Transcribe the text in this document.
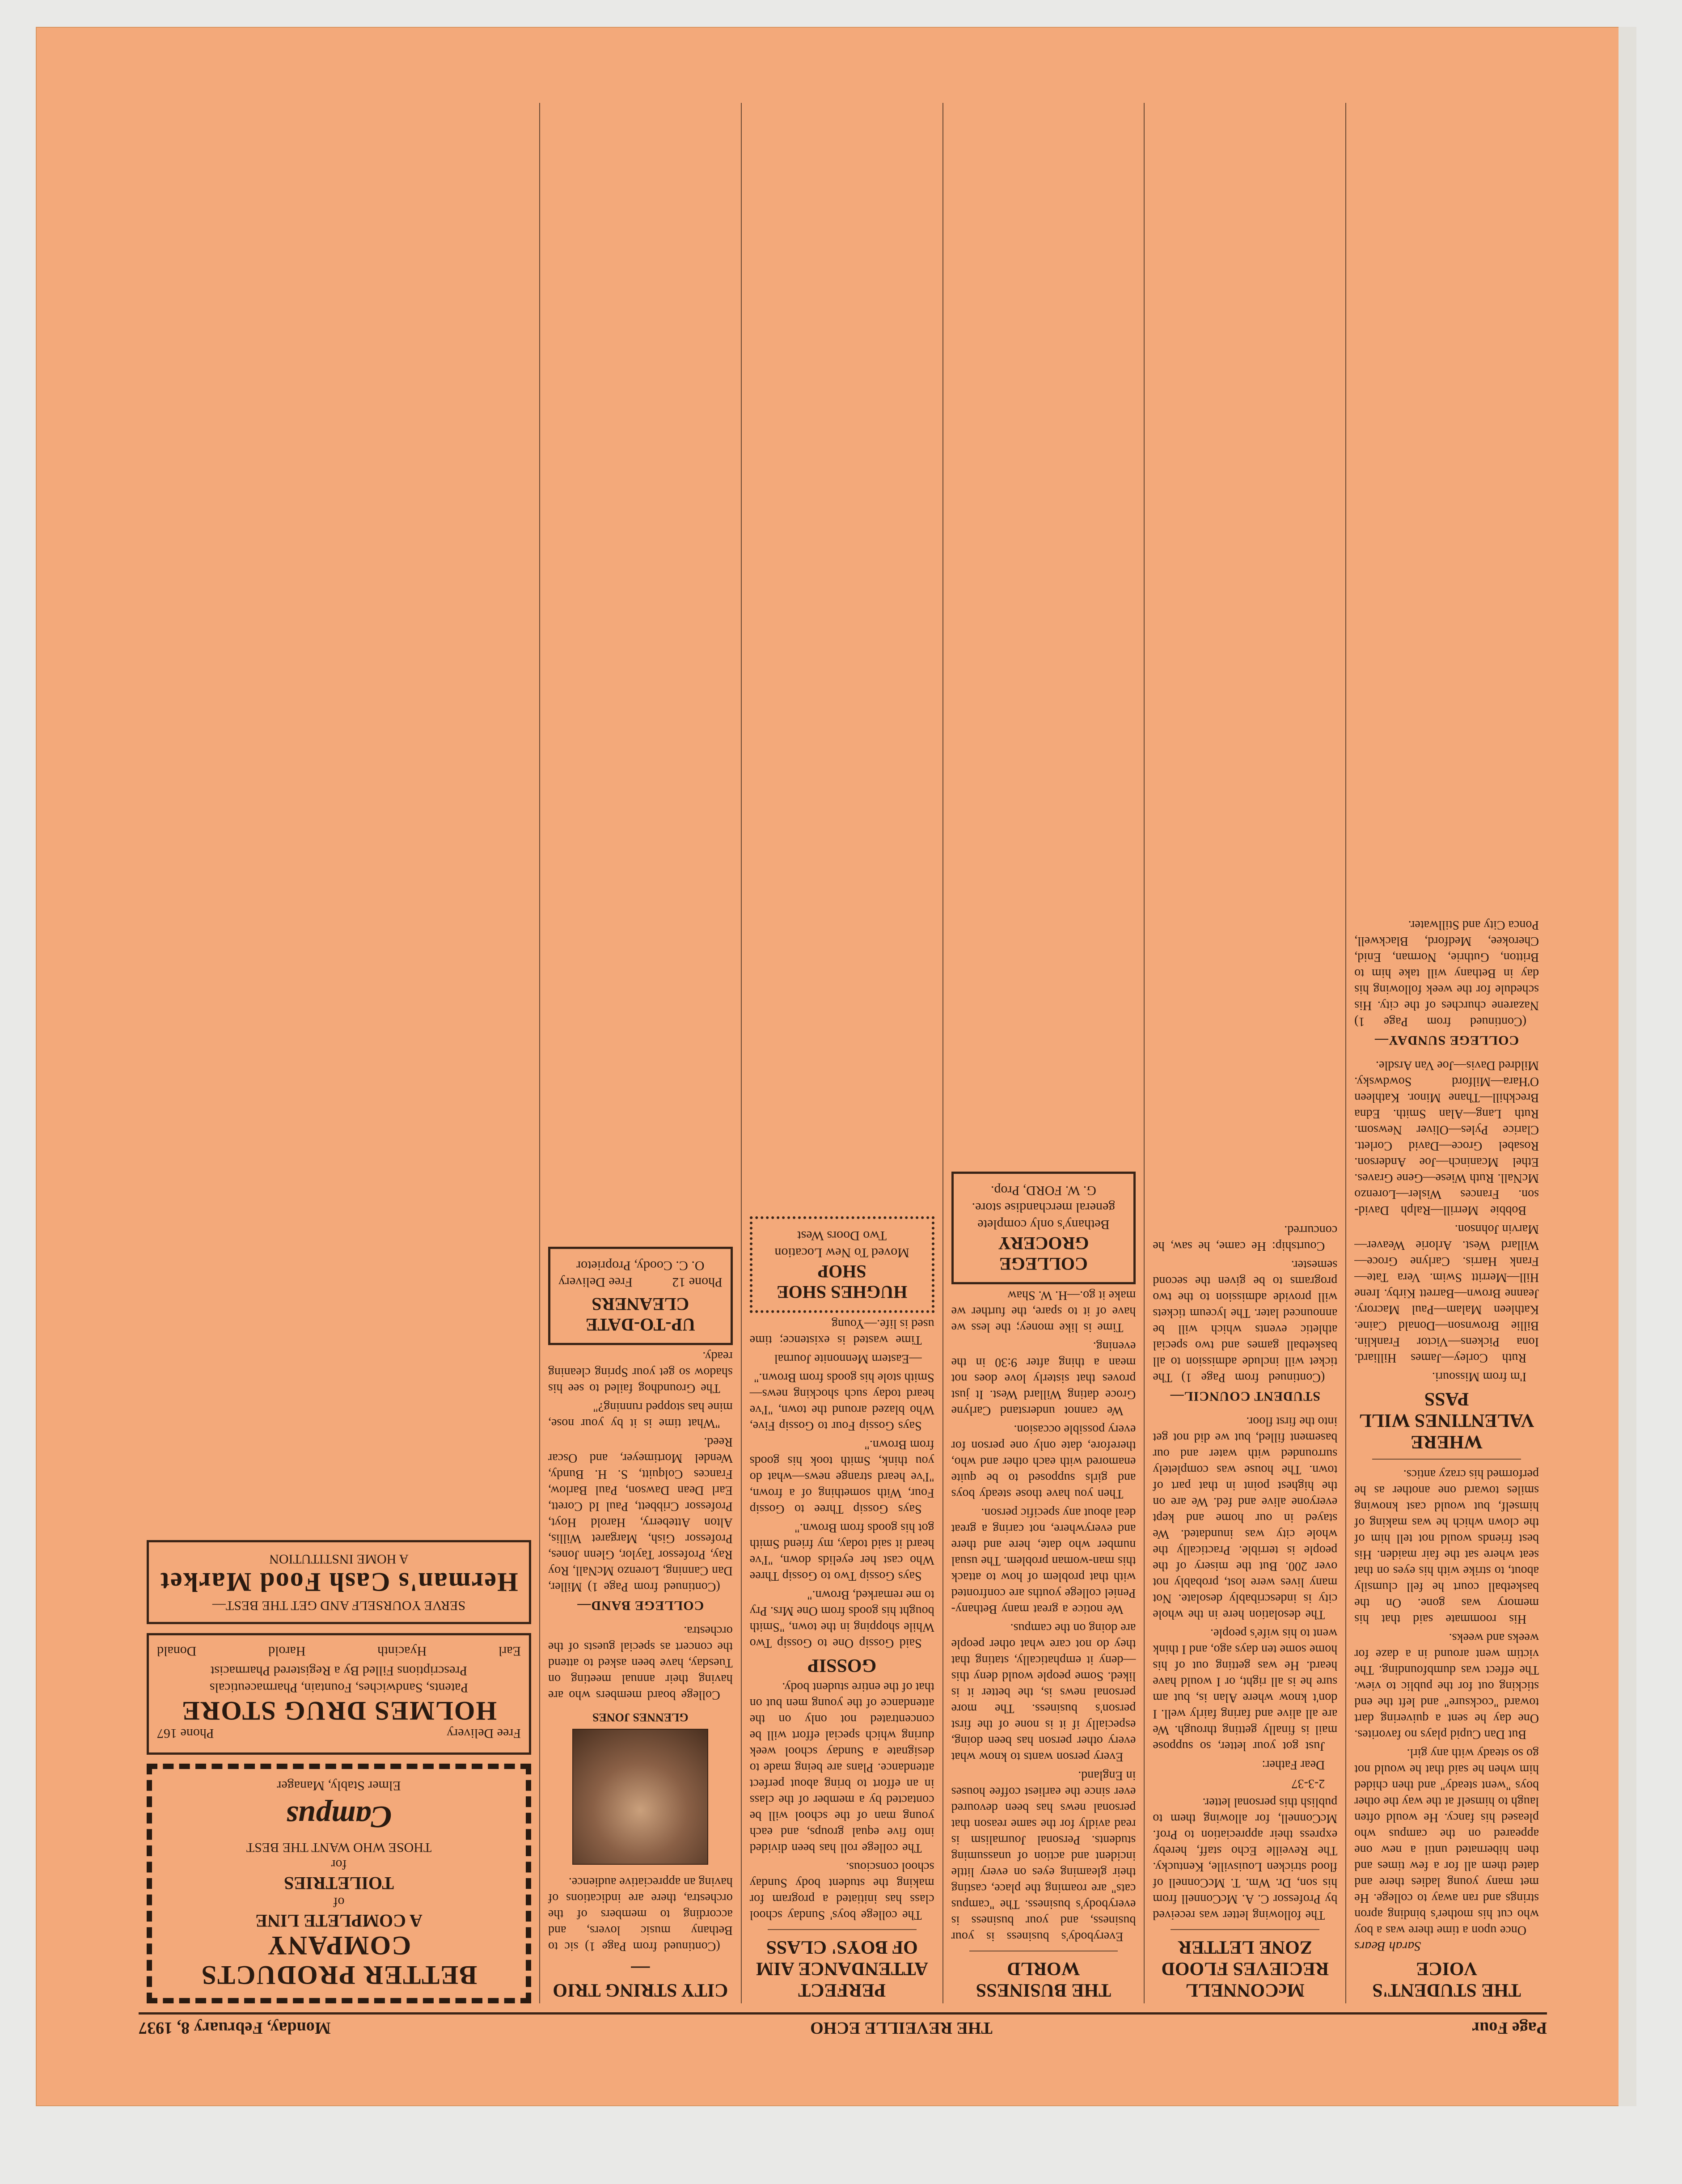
Page Four
THE REVEILLE ECHO
Monday, February 8, 1937
THE STUDENT'S VOICE
Sarah Bears

Once upon a time there was a boy who cut his mother's binding apron strings and ran away to college. He met many young ladies there and dated them all for a few times and then hibernated until a new one appeared on the campus who pleased his fancy. He would often laugh to himself at the way the other boys "went steady" and then chided him when he said that he would not go so steady with any girl.

But Dan Cupid plays no favorites. One day he sent a quivering dart toward "cocksure" and left the end sticking out for the public to view. The effect was dumbfounding. The victim went around in a daze for weeks and weeks.

His roommate said that his memory was gone. On the basketball court he fell clumsily about, to strike with his eyes on that seat where sat the fair maiden. His best friends would not tell him of the clown which he was making of himself, but would cast knowing smiles toward one another as he performed his crazy antics.

WHERE VALENTINES WILL PASS

I'm from Missouri.

Ruth Corley—James Hilliard. Iona Pickens—Victor Franklin. Billie Brownson—Donald Caine. Kathleen Malam—Paul Macrory. Jeanne Brown—Barrett Kirby. Irene Hill—Merritt Swim. Vera Tate—Frank Harris. Carlyne Groce—Willard West. Arlorie Weaver—Marvin Johnson.

Bobbie Merrill—Ralph David-son. Frances Wisler—Lorenzo McNall. Ruth Wiese—Gene Graves. Ethel Mcaninch—Joe Anderson. Rosabel Groce—David Corlett. Clarice Pyles—Oliver Newsom. Ruth Lang—Alan Smith. Edna Breckhill—Thane Minor. Kathleen O'Hara—Milford Sowdwsky. Mildred Davis—Joe Van Arsdle.

COLLEGE SUNDAY—

(Continued from Page 1) Nazarene churches of the city. His schedule for the week following his day in Bethany will take him to Britton, Guthrie, Norman, Enid, Cherokee, Medford, Blackwell, Ponca City and Stillwater.

McCONNELL RECIEVES FLOOD ZONE LETTER

The following letter was received by Professor C. A. McConnell from his son, Dr. Wm. T. McConnell of flood stricken Louisville, Kentucky. The Reveille Echo staff, hereby express their appreciation to Prof. McConnell, for allowing them to publish this personal letter.

2-3-37

Dear Father:

Just got your letter, so suppose mail is finally getting through. We are all alive and faring fairly well. I don't know where Alan is, but am sure he is all right, or I would have heard. He was getting out of his home some ten days ago, and I think went to his wife's people.

The desolation here in the whole city is indescribably desolate. Not many lives were lost, probably not over 200. But the misery of the people is terrible. Practically the whole city was inundated. We stayed in our home and kept everyone alive and fed. We are on the highest point in that part of town. The house was completely surrounded with water and our basement filled, but we did not get into the first floor.

STUDENT COUNCIL—

(Continued from Page 1) The ticket will include admission to all basketball games and two special athletic events which will be announced later. The lyceum tickets will provide admission to the two programs to be given the second semester.

Courtship: He came, he saw, he concurred.

THE BUSINESS WORLD

Everybody's business is your business, and your business is everybody's business. The "campus cats" are roaming the place, casting their gleaming eyes on every little incident and action of unassuming students. Personal Journalism is read avidly for the same reason that personal news has been devoured ever since the earliest coffee houses in England.

Every person wants to know what every other person has been doing, especially if it is none of the first person's business. The more personal news is, the better it is liked. Some people would deny this—deny it emphatically, stating that they do not care what other people are doing on the campus.

We notice a great many Bethany-Peniel college youths are confronted with that problem of how to attack this man-woman problem. The usual number who date, here and there and everywhere, not caring a great deal about any specific person.

Then you have those steady boys and girls supposed to be quite enamored with each other and who, therefore, date only one person for every possible occasion.

We cannot understand Carlyne Groce dating Willard West. It just proves that sisterly love does not mean a thing after 9:30 in the evening.

Time is like money; the less we have of it to spare, the further we make it go.—H. W. Shaw

COLLEGE GROCERY
Bethany's only complete general merchandise store.
G. W. FORD, Prop.
PERFECT ATTENDANCE AIM OF BOYS' CLASS

The college boys' Sunday school class has initiated a program for making the student body Sunday school conscious.

The college roll has been divided into five equal groups, and each young man of the school will be contacted by a member of the class in an effort to bring about perfect attendance. Plans are being made to designate a Sunday school week during which special effort will be concentrated not only on the attendance of the young men but on that of the entire student body.

GOSSIP

Said Gossip One to Gossip Two While shopping in the town, "Smith bought his goods from One Mrs. Pry to me remarked, Brown."

Says Gossip Two to Gossip Three Who cast her eyelids down, "I've heard it said today, my friend Smith got his goods from Brown."

Says Gossip Three to Gossip Four, With something of a frown, "I've heard strange news—what do you think, Smith took his goods from Brown."

Says Gossip Four to Gossip Five, Who blazed around the town, "I've heard today such shocking news— Smith stole his goods from Brown."

—Eastern Mennonite Journal

Time wasted is existence; time used is life.—Young

HUGHES SHOE SHOP
Moved To New Location
Two Doors West
CITY STRING TRIO—

(Continued from Page 1) sic to Bethany music lovers, and according to members of the orchestra, there are indications of having an appreciative audience.

GLENNES JONES

College board members who are having their annual meeting on Tuesday, have been asked to attend the concert as special guests of the orchestra.

COLLEGE BAND—

(Continued from Page 1) Miller, Dan Canning, Lorenzo McNall, Roy Ray, Professor Taylor, Glenn Jones, Professor Gish, Margaret Willis, Alton Atteberry, Harold Hoyt, Professor Cribbett, Paul Id Corett, Earl Dean Dawson, Paul Barlow, Frances Colquitt, S. H. Bundy, Wendel Mortimeyer, and Oscar Reed.

"What time is it by your nose, mine has stopped running?"

The Groundhog failed to see his shadow so get your Spring cleaning ready.

UP-TO-DATE CLEANERS
Phone 12
Free Delivery
O. C. Coody, Proprietor
BETTER PRODUCTS COMPANY
A COMPLETE LINE
of
TOILETRIES
for
THOSE WHO WANT THE BEST
Campus
Elmer Stably, Manager
Free Delivery
Phone 167
HOLMES DRUG STORE
Patents, Sandwiches, Fountain, Pharmaceuticals
Prescriptions Filled By a Registered Pharmacist
Earl
Hyacinth
Harold
Donald
SERVE YOURSELF AND GET THE BEST—
Herman's Cash Food Market
A HOME INSTITUTION
